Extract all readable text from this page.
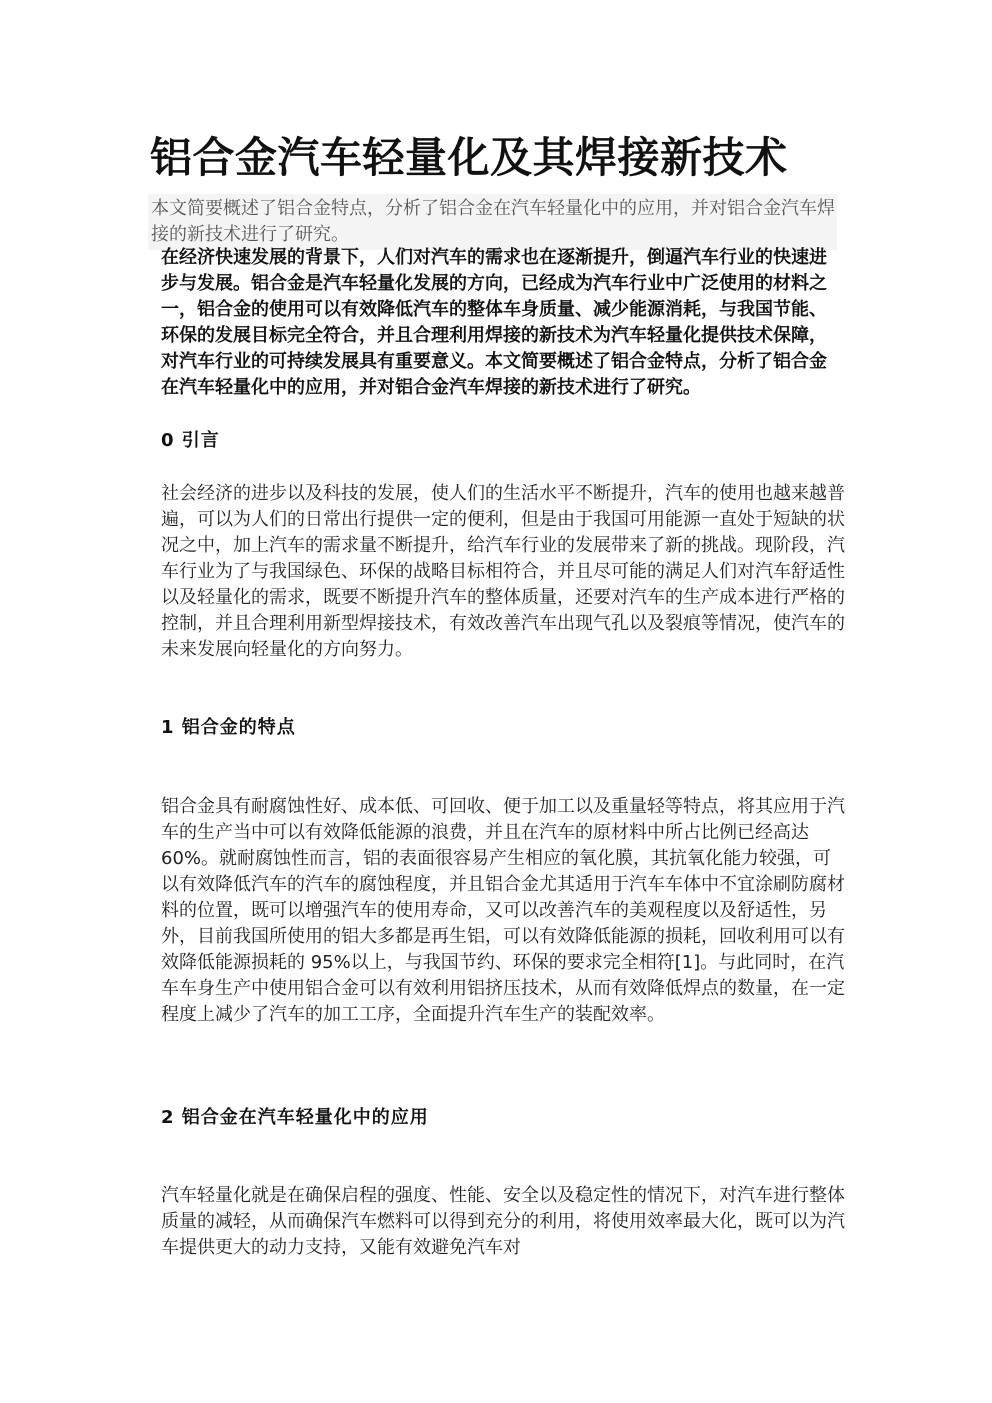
铝合金汽车轻量化及其焊接新技术

本文简要概述了铝合金特点，分析了铝合金在汽车轻量化中的应用，并对铝合金汽车焊接的新技术进行了研究。

在经济快速发展的背景下，人们对汽车的需求也在逐渐提升，倒逼汽车行业的快速进步与发展。铝合金是汽车轻量化发展的方向，已经成为汽车行业中广泛使用的材料之一，铝合金的使用可以有效降低汽车的整体车身质量、减少能源消耗，与我国节能、环保的发展目标完全符合，并且合理利用焊接的新技术为汽车轻量化提供技术保障，对汽车行业的可持续发展具有重要意义。本文简要概述了铝合金特点，分析了铝合金在汽车轻量化中的应用，并对铝合金汽车焊接的新技术进行了研究。

0 引言

社会经济的进步以及科技的发展，使人们的生活水平不断提升，汽车的使用也越来越普遍，可以为人们的日常出行提供一定的便利，但是由于我国可用能源一直处于短缺的状况之中，加上汽车的需求量不断提升，给汽车行业的发展带来了新的挑战。现阶段，汽车行业为了与我国绿色、环保的战略目标相符合，并且尽可能的满足人们对汽车舒适性以及轻量化的需求，既要不断提升汽车的整体质量，还要对汽车的生产成本进行严格的控制，并且合理利用新型焊接技术，有效改善汽车出现气孔以及裂痕等情况，使汽车的未来发展向轻量化的方向努力。

1 铝合金的特点

铝合金具有耐腐蚀性好、成本低、可回收、便于加工以及重量轻等特点，将其应用于汽车的生产当中可以有效降低能源的浪费，并且在汽车的原材料中所占比例已经高达 60%。就耐腐蚀性而言，铝的表面很容易产生相应的氧化膜，其抗氧化能力较强，可以有效降低汽车的汽车的腐蚀程度，并且铝合金尤其适用于汽车车体中不宜涂刷防腐材料的位置，既可以增强汽车的使用寿命，又可以改善汽车的美观程度以及舒适性，另外，目前我国所使用的铝大多都是再生铝，可以有效降低能源的损耗，回收利用可以有效降低能源损耗的 95%以上，与我国节约、环保的要求完全相符[1]。与此同时，在汽车车身生产中使用铝合金可以有效利用铝挤压技术，从而有效降低焊点的数量，在一定程度上减少了汽车的加工工序，全面提升汽车生产的装配效率。

2 铝合金在汽车轻量化中的应用

汽车轻量化就是在确保启程的强度、性能、安全以及稳定性的情况下，对汽车进行整体质量的减轻，从而确保汽车燃料可以得到充分的利用，将使用效率最大化，既可以为汽车提供更大的动力支持，又能有效避免汽车对
